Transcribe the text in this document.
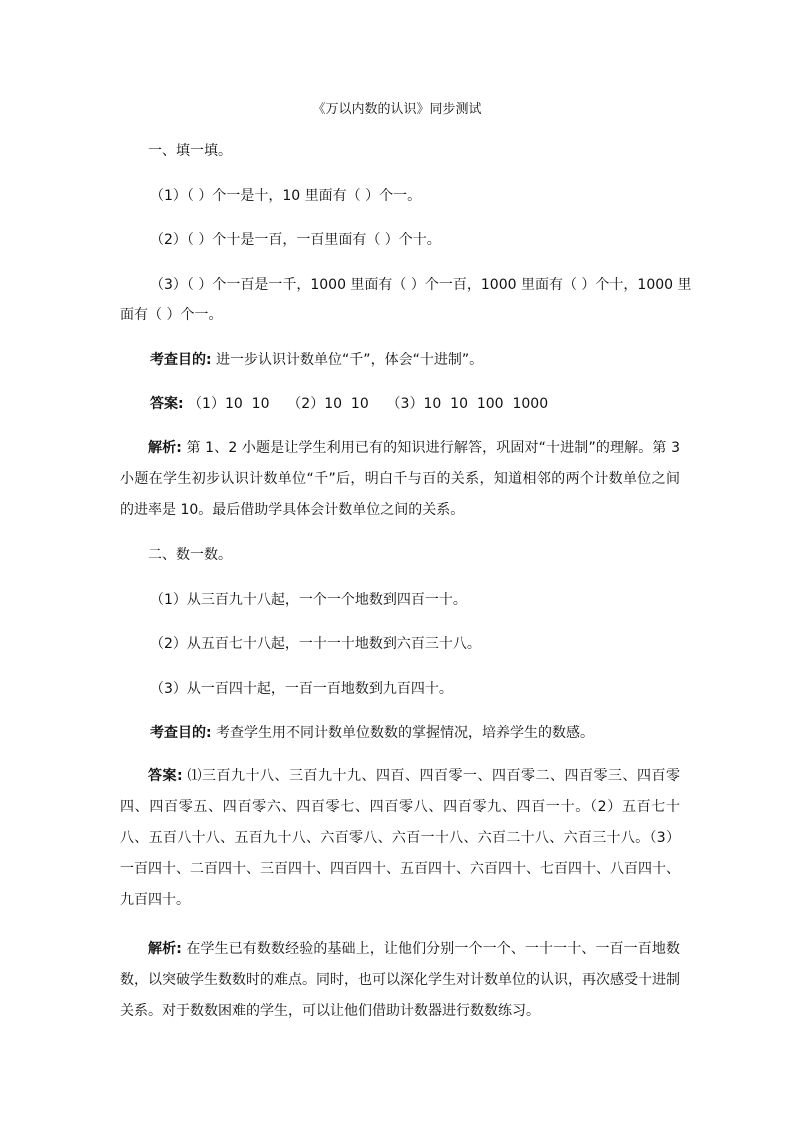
《万以内数的认识》同步测试
一、填一填。
（1）（ ）个一是十，10 里面有（ ）个一。
（2）（ ）个十是一百，一百里面有（ ）个十。
（3）（ ）个一百是一千，1000 里面有（ ）个一百，1000 里面有（ ）个十，1000 里
面有（ ）个一。
考查目的: 进一步认识计数单位“千”，体会“十进制”。
答案: （1）10  10    （2）10  10    （3）10  10  100  1000
解析: 第 1、2 小题是让学生利用已有的知识进行解答，巩固对“十进制”的理解。第 3 小题在学生初步认识计数单位“千”后，明白千与百的关系，知道相邻的两个计数单位之间的进率是 10。最后借助学具体会计数单位之间的关系。
二、数一数。
（1）从三百九十八起，一个一个地数到四百一十。
（2）从五百七十八起，一十一十地数到六百三十八。
（3）从一百四十起，一百一百地数到九百四十。
考查目的: 考查学生用不同计数单位数数的掌握情况，培养学生的数感。
答案: ⑴三百九十八、三百九十九、四百、四百零一、四百零二、四百零三、四百零四、四百零五、四百零六、四百零七、四百零八、四百零九、四百一十。（2）五百七十八、五百八十八、五百九十八、六百零八、六百一十八、六百二十八、六百三十八。（3）一百四十、二百四十、三百四十、四百四十、五百四十、六百四十、七百四十、八百四十、九百四十。
解析: 在学生已有数数经验的基础上，让他们分别一个一个、一十一十、一百一百地数数，以突破学生数数时的难点。同时，也可以深化学生对计数单位的认识，再次感受十进制关系。对于数数困难的学生，可以让他们借助计数器进行数数练习。
